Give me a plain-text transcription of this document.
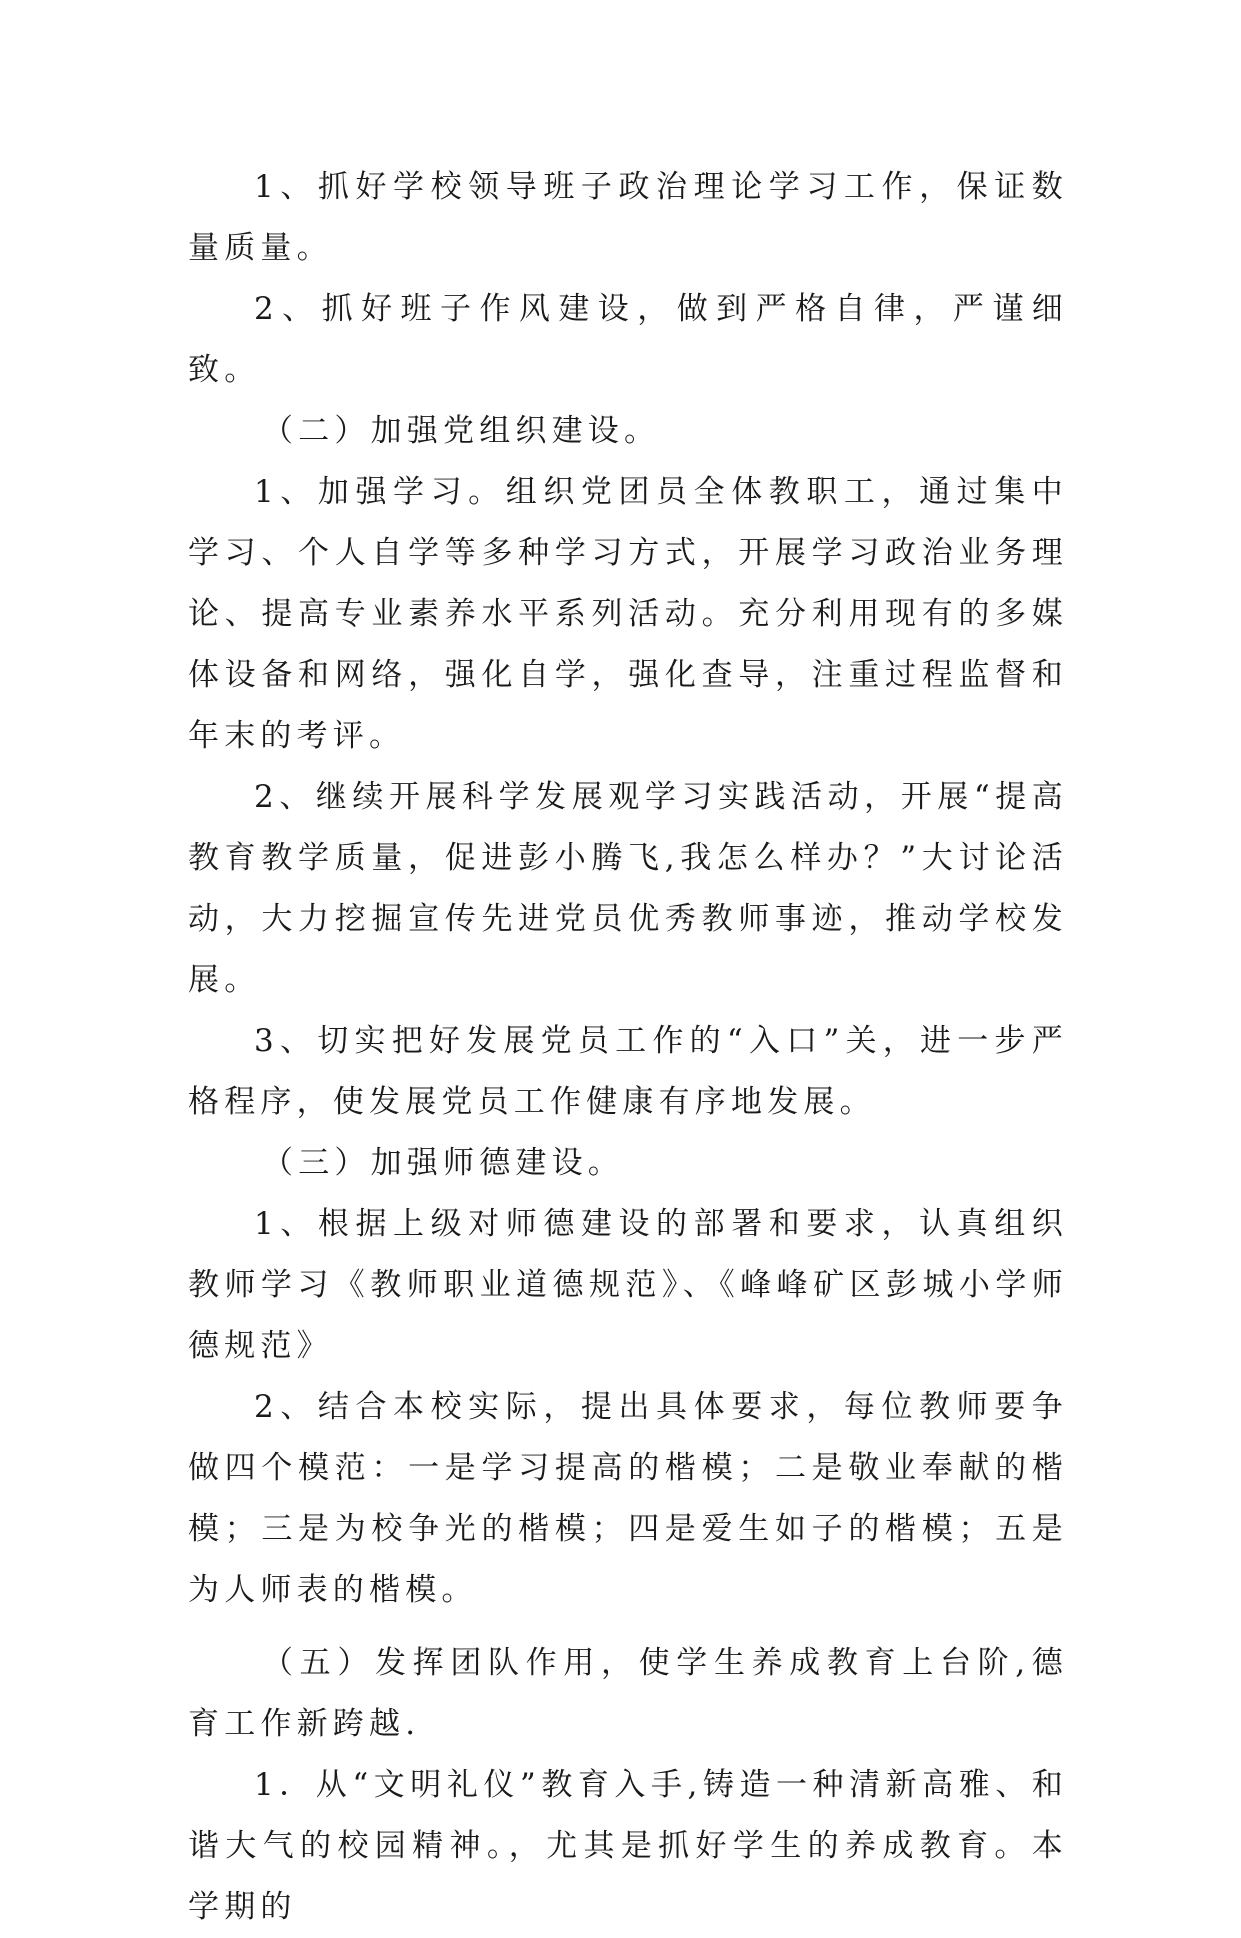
1、抓好学校领导班子政治理论学习工作，保证数量质量。

2、抓好班子作风建设，做到严格自律，严谨细致。

（二）加强党组织建设。

1、加强学习。组织党团员全体教职工，通过集中学习、个人自学等多种学习方式，开展学习政治业务理论、提高专业素养水平系列活动。充分利用现有的多媒体设备和网络，强化自学，强化查导，注重过程监督和年末的考评。

2、继续开展科学发展观学习实践活动，开展“提高教育教学质量，促进彭小腾飞,我怎么样办？”大讨论活动，大力挖掘宣传先进党员优秀教师事迹，推动学校发展。

3、切实把好发展党员工作的“入口”关，进一步严格程序，使发展党员工作健康有序地发展。

（三）加强师德建设。

1、根据上级对师德建设的部署和要求，认真组织教师学习《教师职业道德规范》、《峰峰矿区彭城小学师德规范》

2、结合本校实际，提出具体要求，每位教师要争做四个模范：一是学习提高的楷模；二是敬业奉献的楷模；三是为校争光的楷模；四是爱生如子的楷模；五是为人师表的楷模。

（五）发挥团队作用，使学生养成教育上台阶,德育工作新跨越.

1．从“文明礼仪”教育入手,铸造一种清新高雅、和谐大气的校园精神。，尤其是抓好学生的养成教育。本学期的
